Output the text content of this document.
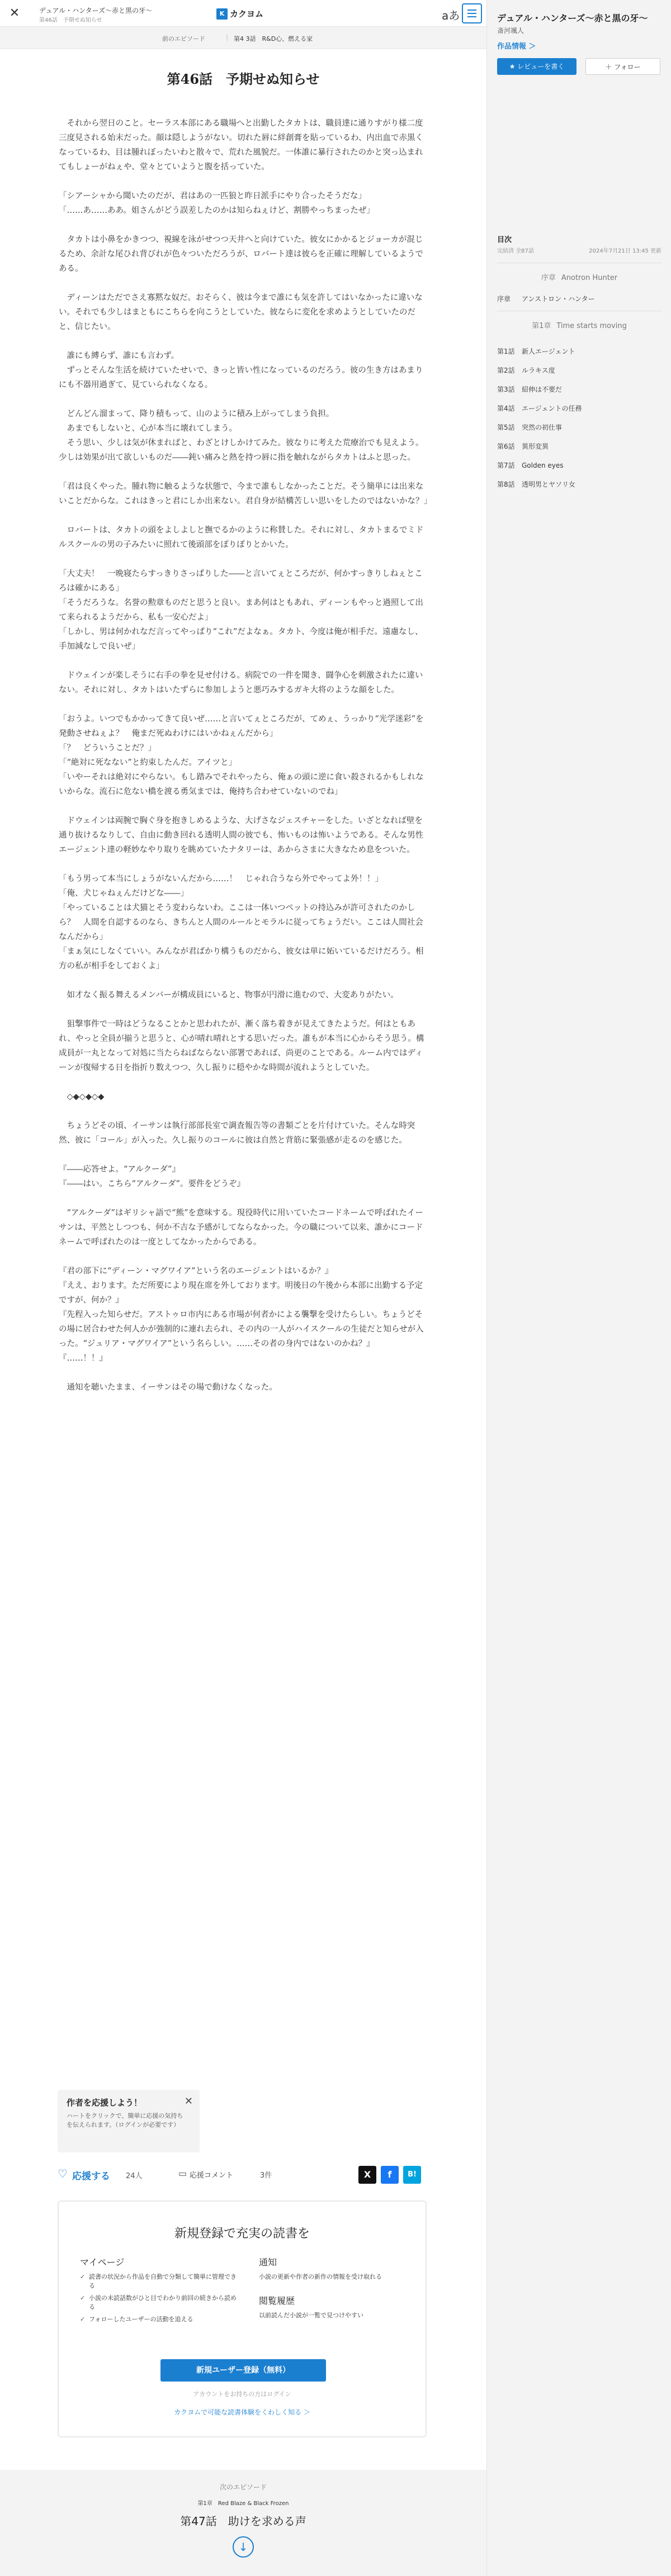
✕	デュアル・ハンターズ〜赤と黒の牙〜
第46話　予期せぬ知らせ
K カクヨム	aあ
前のエピソード	｜ 第4 3話　R&D心、燃える家
第46話　予期せぬ知らせ

　それから翌日のこと。セーラス本部にある職場へと出勤したタカトは、職員達に通りすがり様二度三度見される始末だった。顔は隠しようがない。切れた唇に絆創膏を貼っているわ、内出血で赤黒くなっているわ、目は腫れぼったいわと散々で、荒れた風貌だ。一体誰に暴行されたのかと突っ込まれてもしょーがねぇや、堂々とていようと腹を括っていた。

「シアーシャから聞いたのだが、君はあの一匹狼と昨日派手にやり合ったそうだな」

「……あ……ああ。姐さんがどう誤差したのかは知らねぇけど、割勝やっちまったぜ」

　タカトは小鼻をかきつつ、視線を泳がせつつ天井へと向けていた。彼女にかかるとジョーカが混じるため、余計な尾ひれ背びれが色々ついただろうが、ロバート達は彼らを正確に理解しているようである。

　ディーンはただでさえ寡黙な奴だ。おそらく、彼は今まで誰にも気を許してはいなかったに違いない。それでも少しはまともにこちらを向こうとしていた。彼ならに変化を求めようとしていたのだと、信じたい。

　誰にも縛らず、誰にも言わず。

　ずっとそんな生活を続けていたせいで、きっと皆い性になっているのだろう。彼の生き方はあまりにも不器用過ぎて、見ていられなくなる。

　どんどん溜まって、降り積もって、山のように積み上がってしまう負担。

　あまでもしないと、心が本当に壊れてしまう。

　そう思い、少しは気が休まればと、わざとけしかけてみた。彼なりに考えた荒療治でも見えよう。少しは効果が出て欲しいものだ――鈍い痛みと熱を持つ唇に指を触れながらタカトはふと思った。

「君は良くやった。腫れ物に触るような状態で、今まで誰もしなかったことだ。そう簡単には出来ないことだからな。これはきっと君にしか出来ない。君自身が結構苦しい思いをしたのではないかな？」

　ロバートは、タカトの頭をよしよしと撫でるかのように称賛した。それに対し、タカトまるでミドルスクールの男の子みたいに照れて後頭部をぽりぽりとかいた。

「大丈夫！　一晩寝たらすっきりさっぱりした――と言いてぇところだが、何かすっきりしねぇところは確かにある」

「そうだろうな。名誉の勲章ものだと思うと良い。まあ何はともあれ、ディーンもやっと過照して出て来られるようだから、私も一安心だよ」

「しかし、男は何かれなだ言ってやっぱり“これ”だよなぁ。タカト、今度は俺が相手だ。遠慮なし、手加減なしで良いぜ」

　ドウェインが楽しそうに右手の拳を見せ付ける。病院での一件を聞き、闘争心を刺激されたに違いない。それに対し、タカトはいたずらに参加しようと悪巧みするガキ大将のような顔をした。

「おうよ。いつでもかかってきて良いぜ……と言いてぇところだが、てめぇ、うっかり“光学迷彩”を発動させねぇよ？　俺まだ死ぬわけにはいかねぇんだから」

「？　どういうことだ？」

「“絶対に死なない”と約束したんだ。アイツと」

「いやーそれは絶対にやらない。もし踏みでそれやったら、俺ぁの頭に逆に食い殺されるかもしれないからな。流石に危ない橋を渡る勇気までは、俺持ち合わせていないのでね」

　ドウェインは両腕で胸ぐ身を抱きしめるような、大げさなジェスチャーをした。いざとなれば壁を通り抜けるなりして、自由に動き回れる透明人間の彼でも、怖いものは怖いようである。そんな男性エージェント達の軽妙なやり取りを眺めていたナタリーは、あからさまに大きなため息をついた。

「もう男って本当にしょうがないんだから……！　じゃれ合うなら外でやってよ外！！」

「俺、犬じゃねぇんだけどな――」

「やっていることは犬猫とそう変わらないわ。ここは一体いつペットの持込みが許可されたのかしら？　人間を自認するのなら、きちんと人間のルールとモラルに従ってちょうだい。ここは人間社会なんだから」

「まぁ気にしなくていい。みんなが君ばかり構うものだから、彼女は単に妬いているだけだろう。相方の私が相手をしておくよ」

　如才なく振る舞えるメンバーが構成員にいると、物事が円滑に進むので、大変ありがたい。

　狙撃事件で一時はどうなることかと思われたが、漸く落ち着きが見えてきたようだ。何はともあれ、やっと全員が揃うと思うと、心が晴れ晴れとする思いだった。誰もが本当に心からそう思う。構成員が一丸となって対処に当たらねばならない部署であれば、尚更のことである。ルーム内ではディーンが復帰する日を指折り数えつつ、久し振りに穏やかな時間が流れようとしていた。

　◇◆◇◆◇◆

　ちょうどその頃、イーサンは執行部部長室で調査報告等の書類ごとを片付けていた。そんな時突然、彼に「コール」が入った。久し振りのコールに彼は自然と背筋に緊張感が走るのを感じた。

『――応答せよ。“アルクーダ”』

『――はい。こちら“アルクーダ”。要件をどうぞ』

　“アルクーダ”はギリシャ語で“熊”を意味する。現役時代に用いていたコードネームで呼ばれたイーサンは、平然としつつも、何か不吉な予感がしてならなかった。今の職について以来、誰かにコードネームで呼ばれたのは一度としてなかったからである。

『君の部下に“ディーン・マグワイア”という名のエージェントはいるか？』

『ええ、おります。ただ所要により現在席を外しております。明後日の午後から本部に出勤する予定ですが、何か？』

『先程入った知らせだ。アストゥロ市内にある市場が何者かによる襲撃を受けたらしい。ちょうどその場に居合わせた何人かが強制的に連れ去られ、その内の一人がハイスクールの生徒だと知らせが入った。“ジュリア・マグワイア”という名らしい。……その者の身内ではないのかね？』

『……！！』

　通知を聴いたまま、イーサンはその場で動けなくなった。

作者を応援しよう！
ハートをクリックで、簡単に応援の気持ちを伝えられます。（ログインが必要です）
✕
♡ 応援する 24人	▭ 応援コメント	3件	X	f	B!
新規登録で充実の読書を
マイページ
✓ 読書の状況から作品を自動で分類して簡単に管理できる
✓ 小説の未読話数がひと目でわかり前回の続きから読める
✓ フォローしたユーザーの活動を追える
通知
小説の更新や作者の新作の情報を受け取れる
閲覧履歴
以前読んだ小説が一覧で見つけやすい
新規ユーザー登録（無料）
アカウントをお持ちの方はログイン
カクヨムで可能な読書体験をくわしく知る ＞
次のエピソード
第1章　Red Blaze & Black Frozen
第47話　助けを求める声
↓
デュアル・ハンターズ〜赤と黒の牙〜
斎河颯人
作品情報 ＞
★ レビューを書く	＋ フォロー
目次
完結済 全87話	2024年7月21日 13:45 更新
序章 Anotron Hunter
序章 アンストロン・ハンター
第1章 Time starts moving
第1話 新人エージェント
第2話 ルラキス度
第3話 紹伸は不要だ
第4話 エージェントの任務
第5話 突然の初仕事
第6話 異形変異
第7話 Golden eyes
第8話 透明男とヤソリ女
